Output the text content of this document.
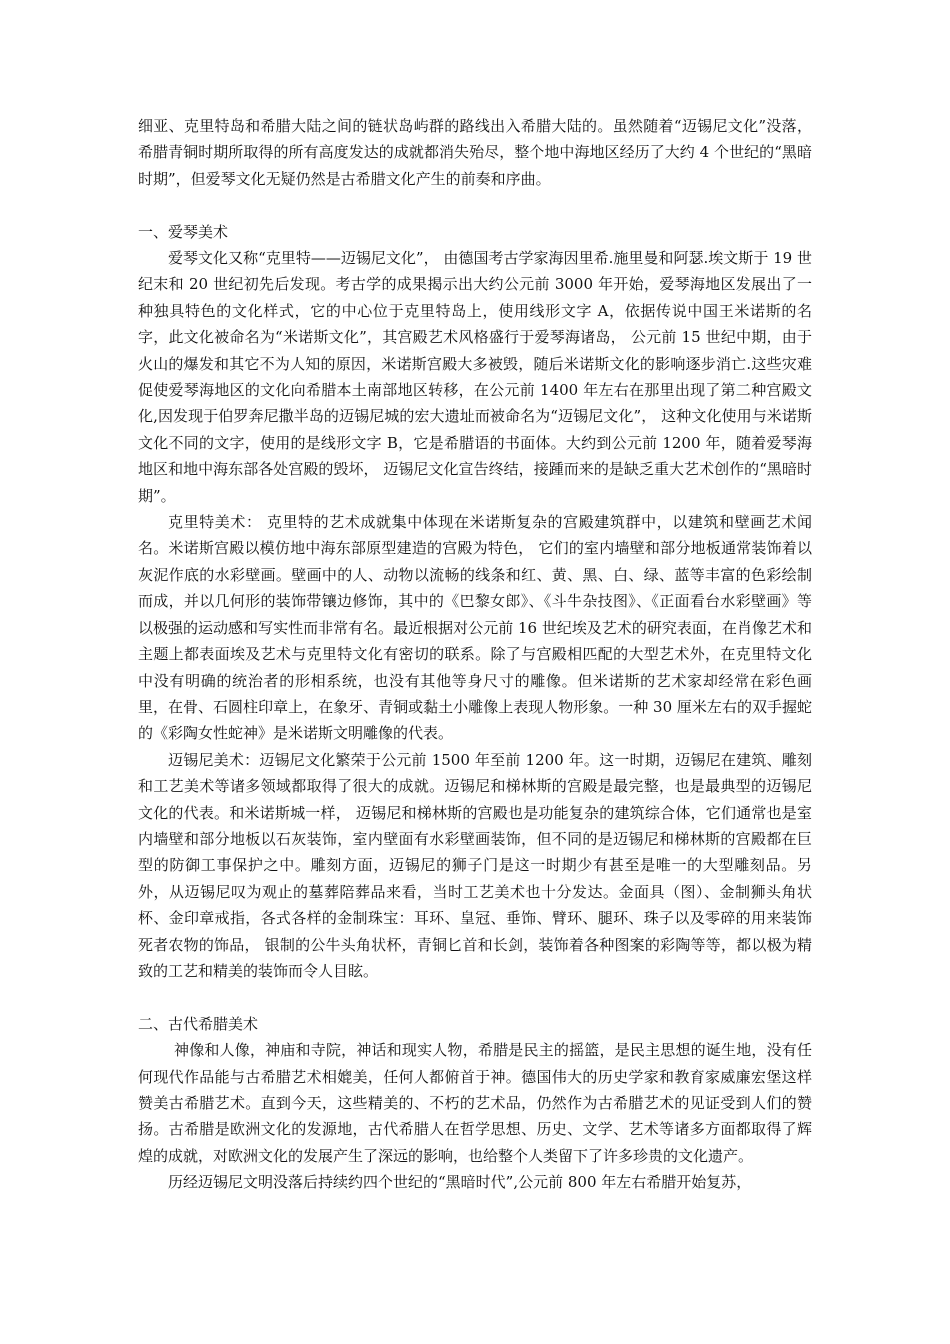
细亚、克里特岛和希腊大陆之间的链状岛屿群的路线出入希腊大陆的。虽然随着“迈锡尼文化”没落，希腊青铜时期所取得的所有高度发达的成就都消失殆尽，整个地中海地区经历了大约 4 个世纪的“黑暗时期”，但爱琴文化无疑仍然是古希腊文化产生的前奏和序曲。

一、爱琴美术

爱琴文化又称“克里特——迈锡尼文化”， 由德国考古学家海因里希.施里曼和阿瑟.埃文斯于 19 世纪末和 20 世纪初先后发现。考古学的成果揭示出大约公元前 3000 年开始，爱琴海地区发展出了一种独具特色的文化样式，它的中心位于克里特岛上，使用线形文字 A，依据传说中国王米诺斯的名字，此文化被命名为“米诺斯文化”，其宫殿艺术风格盛行于爱琴海诸岛， 公元前 15 世纪中期，由于火山的爆发和其它不为人知的原因，米诺斯宫殿大多被毁，随后米诺斯文化的影响逐步消亡.这些灾难促使爱琴海地区的文化向希腊本土南部地区转移，在公元前 1400 年左右在那里出现了第二种宫殿文化,因发现于伯罗奔尼撒半岛的迈锡尼城的宏大遗址而被命名为“迈锡尼文化”， 这种文化使用与米诺斯文化不同的文字，使用的是线形文字 B，它是希腊语的书面体。大约到公元前 1200 年，随着爱琴海地区和地中海东部各处宫殿的毁坏， 迈锡尼文化宣告终结，接踵而来的是缺乏重大艺术创作的“黑暗时期”。

克里特美术： 克里特的艺术成就集中体现在米诺斯复杂的宫殿建筑群中，以建筑和壁画艺术闻名。米诺斯宫殿以模仿地中海东部原型建造的宫殿为特色， 它们的室内墙壁和部分地板通常装饰着以灰泥作底的水彩壁画。壁画中的人、动物以流畅的线条和红、黄、黑、白、绿、蓝等丰富的色彩绘制而成，并以几何形的装饰带镶边修饰，其中的《巴黎女郎》、《斗牛杂技图》、《正面看台水彩壁画》等以极强的运动感和写实性而非常有名。最近根据对公元前 16 世纪埃及艺术的研究表面，在肖像艺术和主题上都表面埃及艺术与克里特文化有密切的联系。除了与宫殿相匹配的大型艺术外，在克里特文化中没有明确的统治者的形相系统，也没有其他等身尺寸的雕像。但米诺斯的艺术家却经常在彩色画里，在骨、石圆柱印章上，在象牙、青铜或黏土小雕像上表现人物形象。一种 30 厘米左右的双手握蛇的《彩陶女性蛇神》是米诺斯文明雕像的代表。

迈锡尼美术：迈锡尼文化繁荣于公元前 1500 年至前 1200 年。这一时期，迈锡尼在建筑、雕刻和工艺美术等诸多领域都取得了很大的成就。迈锡尼和梯林斯的宫殿是最完整，也是最典型的迈锡尼文化的代表。和米诺斯城一样， 迈锡尼和梯林斯的宫殿也是功能复杂的建筑综合体，它们通常也是室内墙壁和部分地板以石灰装饰，室内壁面有水彩壁画装饰，但不同的是迈锡尼和梯林斯的宫殿都在巨型的防御工事保护之中。雕刻方面，迈锡尼的狮子门是这一时期少有甚至是唯一的大型雕刻品。另外，从迈锡尼叹为观止的墓葬陪葬品来看，当时工艺美术也十分发达。金面具（图）、金制狮头角状杯、金印章戒指，各式各样的金制珠宝：耳环、皇冠、垂饰、臂环、腿环、珠子以及零碎的用来装饰死者农物的饰品， 银制的公牛头角状杯，青铜匕首和长剑，装饰着各种图案的彩陶等等，都以极为精致的工艺和精美的装饰而令人目眩。

二、古代希腊美术

神像和人像，神庙和寺院，神话和现实人物，希腊是民主的摇篮，是民主思想的诞生地，没有任何现代作品能与古希腊艺术相媲美，任何人都俯首于神。德国伟大的历史学家和教育家威廉宏堡这样赞美古希腊艺术。直到今天，这些精美的、不朽的艺术品，仍然作为古希腊艺术的见证受到人们的赞扬。古希腊是欧洲文化的发源地，古代希腊人在哲学思想、历史、文学、艺术等诸多方面都取得了辉煌的成就，对欧洲文化的发展产生了深远的影响，也给整个人类留下了许多珍贵的文化遗产。

历经迈锡尼文明没落后持续约四个世纪的“黑暗时代”,公元前 800 年左右希腊开始复苏，
